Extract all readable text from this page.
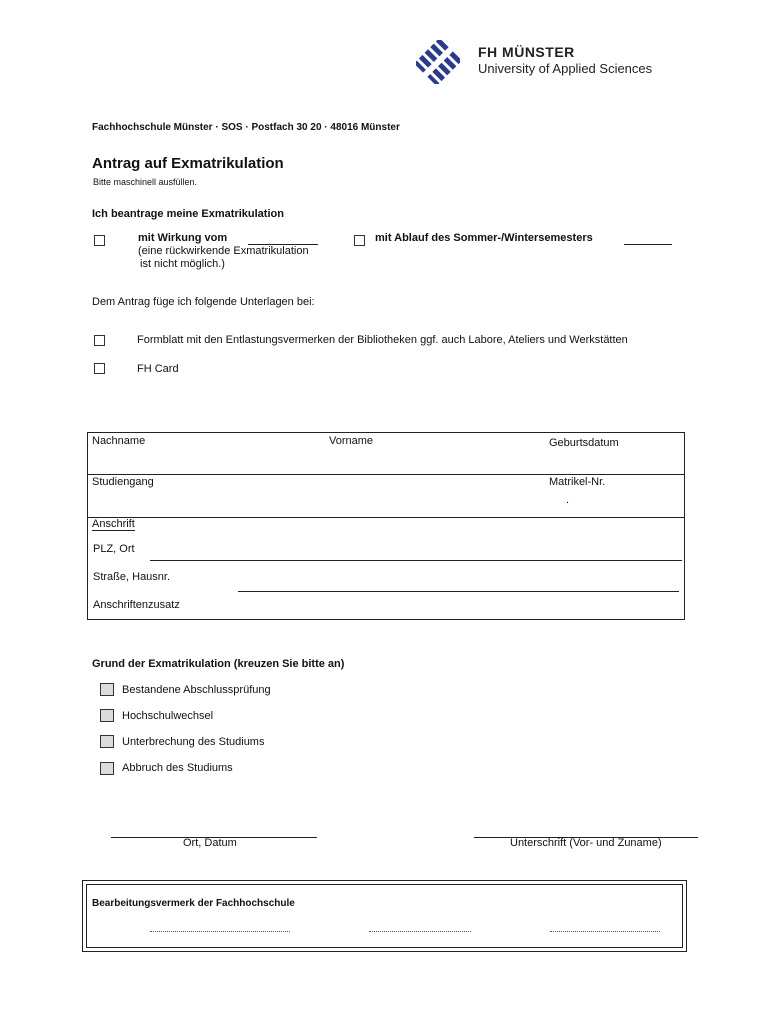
FH MÜNSTER
University of Applied Sciences
Fachhochschule Münster · SOS · Postfach 30 20 · 48016 Münster
Antrag auf Exmatrikulation
Bitte maschinell ausfüllen.
Ich beantrage meine Exmatrikulation
mit Wirkung vom
(eine rückwirkende Exmatrikulation
ist nicht möglich.)
mit Ablauf des Sommer-/Wintersemesters
Dem Antrag füge ich folgende Unterlagen bei:
Formblatt mit den Entlastungsvermerken der Bibliotheken ggf. auch Labore, Ateliers und Werkstätten
FH Card
Nachname	Vorname	Geburtsdatum
Studiengang	Matrikel-Nr.
.
Anschrift
PLZ, Ort
Straße, Hausnr.
Anschriftenzusatz
Grund der Exmatrikulation (kreuzen Sie bitte an)
Bestandene Abschlussprüfung
Hochschulwechsel
Unterbrechung des Studiums
Abbruch des Studiums
Ort, Datum	Unterschrift (Vor- und Zuname)
Bearbeitungsvermerk der Fachhochschule
